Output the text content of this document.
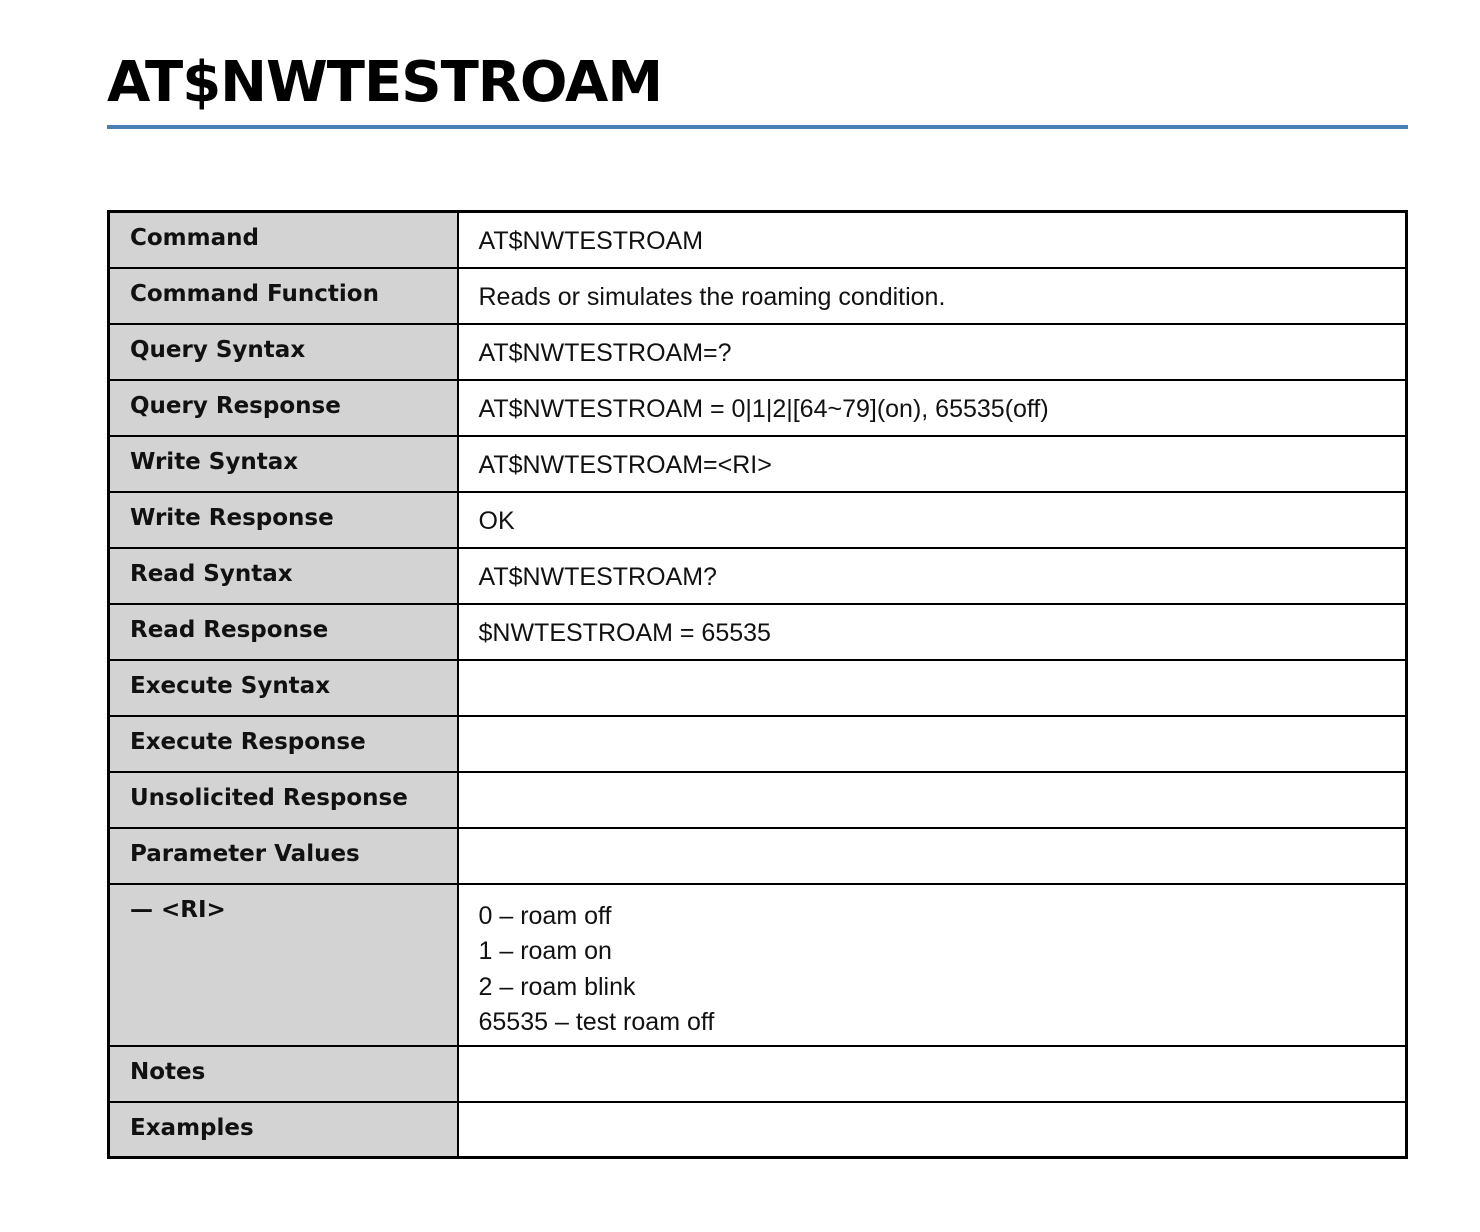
AT$NWTESTROAM
Command	AT$NWTESTROAM
Command Function	Reads or simulates the roaming condition.
Query Syntax	AT$NWTESTROAM=?
Query Response	AT$NWTESTROAM = 0|1|2|[64~79](on), 65535(off)
Write Syntax	AT$NWTESTROAM=<RI>
Write Response	OK
Read Syntax	AT$NWTESTROAM?
Read Response	$NWTESTROAM = 65535
Execute Syntax	
Execute Response	
Unsolicited Response	
Parameter Values	
— <RI>	0 – roam off
1 – roam on
2 – roam blink
65535 – test roam off

Notes	
Examples	
